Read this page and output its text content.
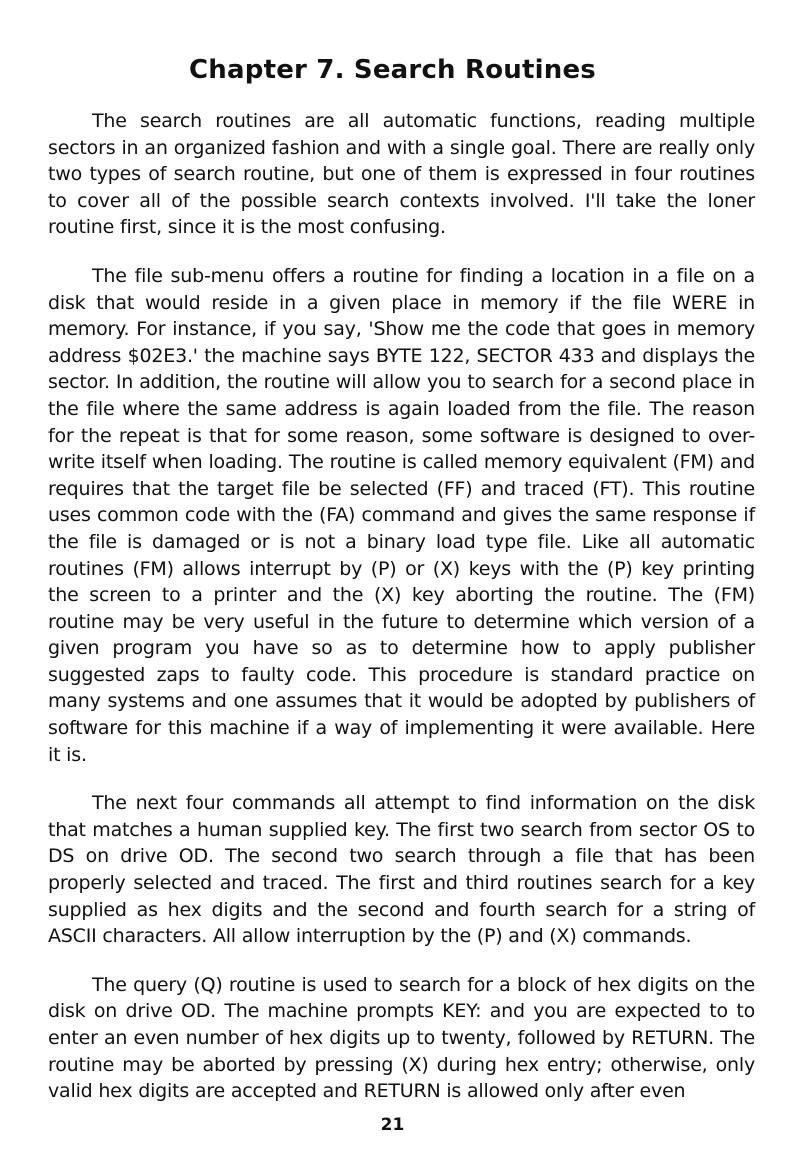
Chapter 7. Search Routines

The search routines are all automatic functions, reading multiple sectors in an organized fashion and with a single goal. There are really only two types of search routine, but one of them is expressed in four routines to cover all of the possible search contexts involved. I'll take the loner routine first, since it is the most confusing.

The file sub-menu offers a routine for finding a location in a file on a disk that would reside in a given place in memory if the file WERE in memory. For instance, if you say, 'Show me the code that goes in memory address $02E3.' the machine says BYTE 122, SECTOR 433 and displays the sector. In addition, the routine will allow you to search for a second place in the file where the same address is again loaded from the file. The reason for the repeat is that for some reason, some software is designed to over-write itself when loading. The routine is called memory equivalent (FM) and requires that the target file be selected (FF) and traced (FT). This routine uses common code with the (FA) command and gives the same response if the file is damaged or is not a binary load type file. Like all automatic routines (FM) allows interrupt by (P) or (X) keys with the (P) key printing the screen to a printer and the (X) key aborting the routine. The (FM) routine may be very useful in the future to determine which version of a given program you have so as to determine how to apply publisher suggested zaps to faulty code. This procedure is standard practice on many systems and one assumes that it would be adopted by publishers of software for this machine if a way of implementing it were available. Here it is.

The next four commands all attempt to find information on the disk that matches a human supplied key. The first two search from sector OS to DS on drive OD. The second two search through a file that has been properly selected and traced. The first and third routines search for a key supplied as hex digits and the second and fourth search for a string of ASCII characters. All allow interruption by the (P) and (X) commands.

The query (Q) routine is used to search for a block of hex digits on the disk on drive OD. The machine prompts KEY: and you are expected to to enter an even number of hex digits up to twenty, followed by RETURN. The routine may be aborted by pressing (X) during hex entry; otherwise, only valid hex digits are accepted and RETURN is allowed only after even

21
